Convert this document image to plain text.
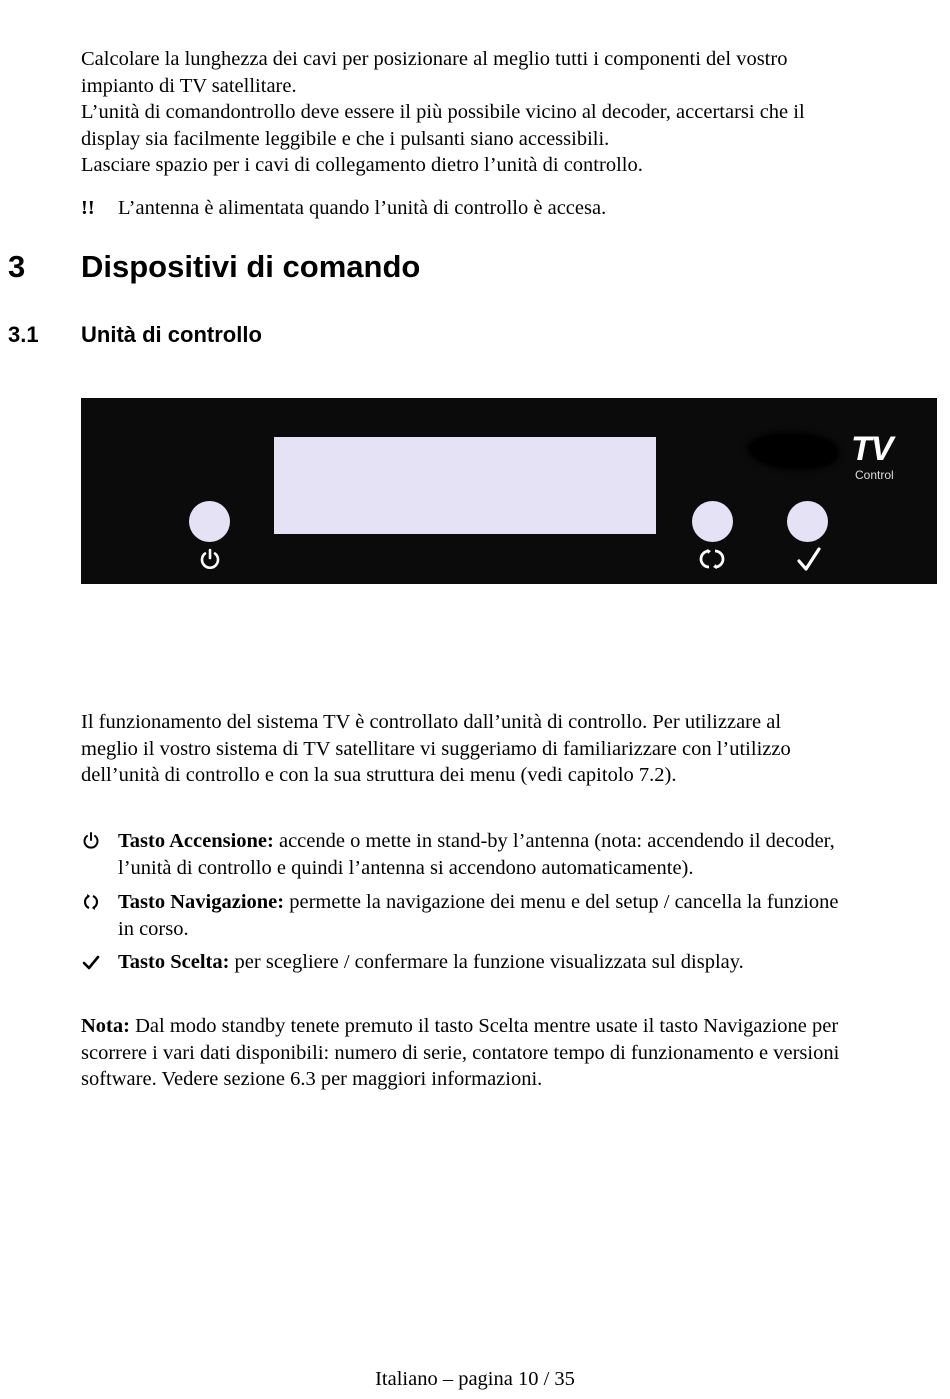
Calcolare la lunghezza dei cavi per posizionare al meglio tutti i componenti del vostro
impianto di TV satellitare.
L’unità di comandontrollo deve essere il più possibile vicino al decoder, accertarsi che il
display sia facilmente leggibile e che i pulsanti siano accessibili.
Lasciare spazio per i cavi di collegamento dietro l’unità di controllo.
!! L’antenna è alimentata quando l’unità di controllo è accesa.
3 Dispositivi di comando
3.1 Unità di controllo
TV
Control
Il funzionamento del sistema TV è controllato dall’unità di controllo. Per utilizzare al
meglio il vostro sistema di TV satellitare vi suggeriamo di familiarizzare con l’utilizzo
dell’unità di controllo e con la sua struttura dei menu (vedi capitolo 7.2).
Tasto Accensione: accende o mette in stand-by l’antenna (nota: accendendo il decoder,
l’unità di controllo e quindi l’antenna si accendono automaticamente).
Tasto Navigazione: permette la navigazione dei menu e del setup / cancella la funzione
in corso.
Tasto Scelta: per scegliere / confermare la funzione visualizzata sul display.
Nota: Dal modo standby tenete premuto il tasto Scelta mentre usate il tasto Navigazione per
scorrere i vari dati disponibili: numero di serie, contatore tempo di funzionamento e versioni
software. Vedere sezione 6.3 per maggiori informazioni.
Italiano – pagina 10 / 35
